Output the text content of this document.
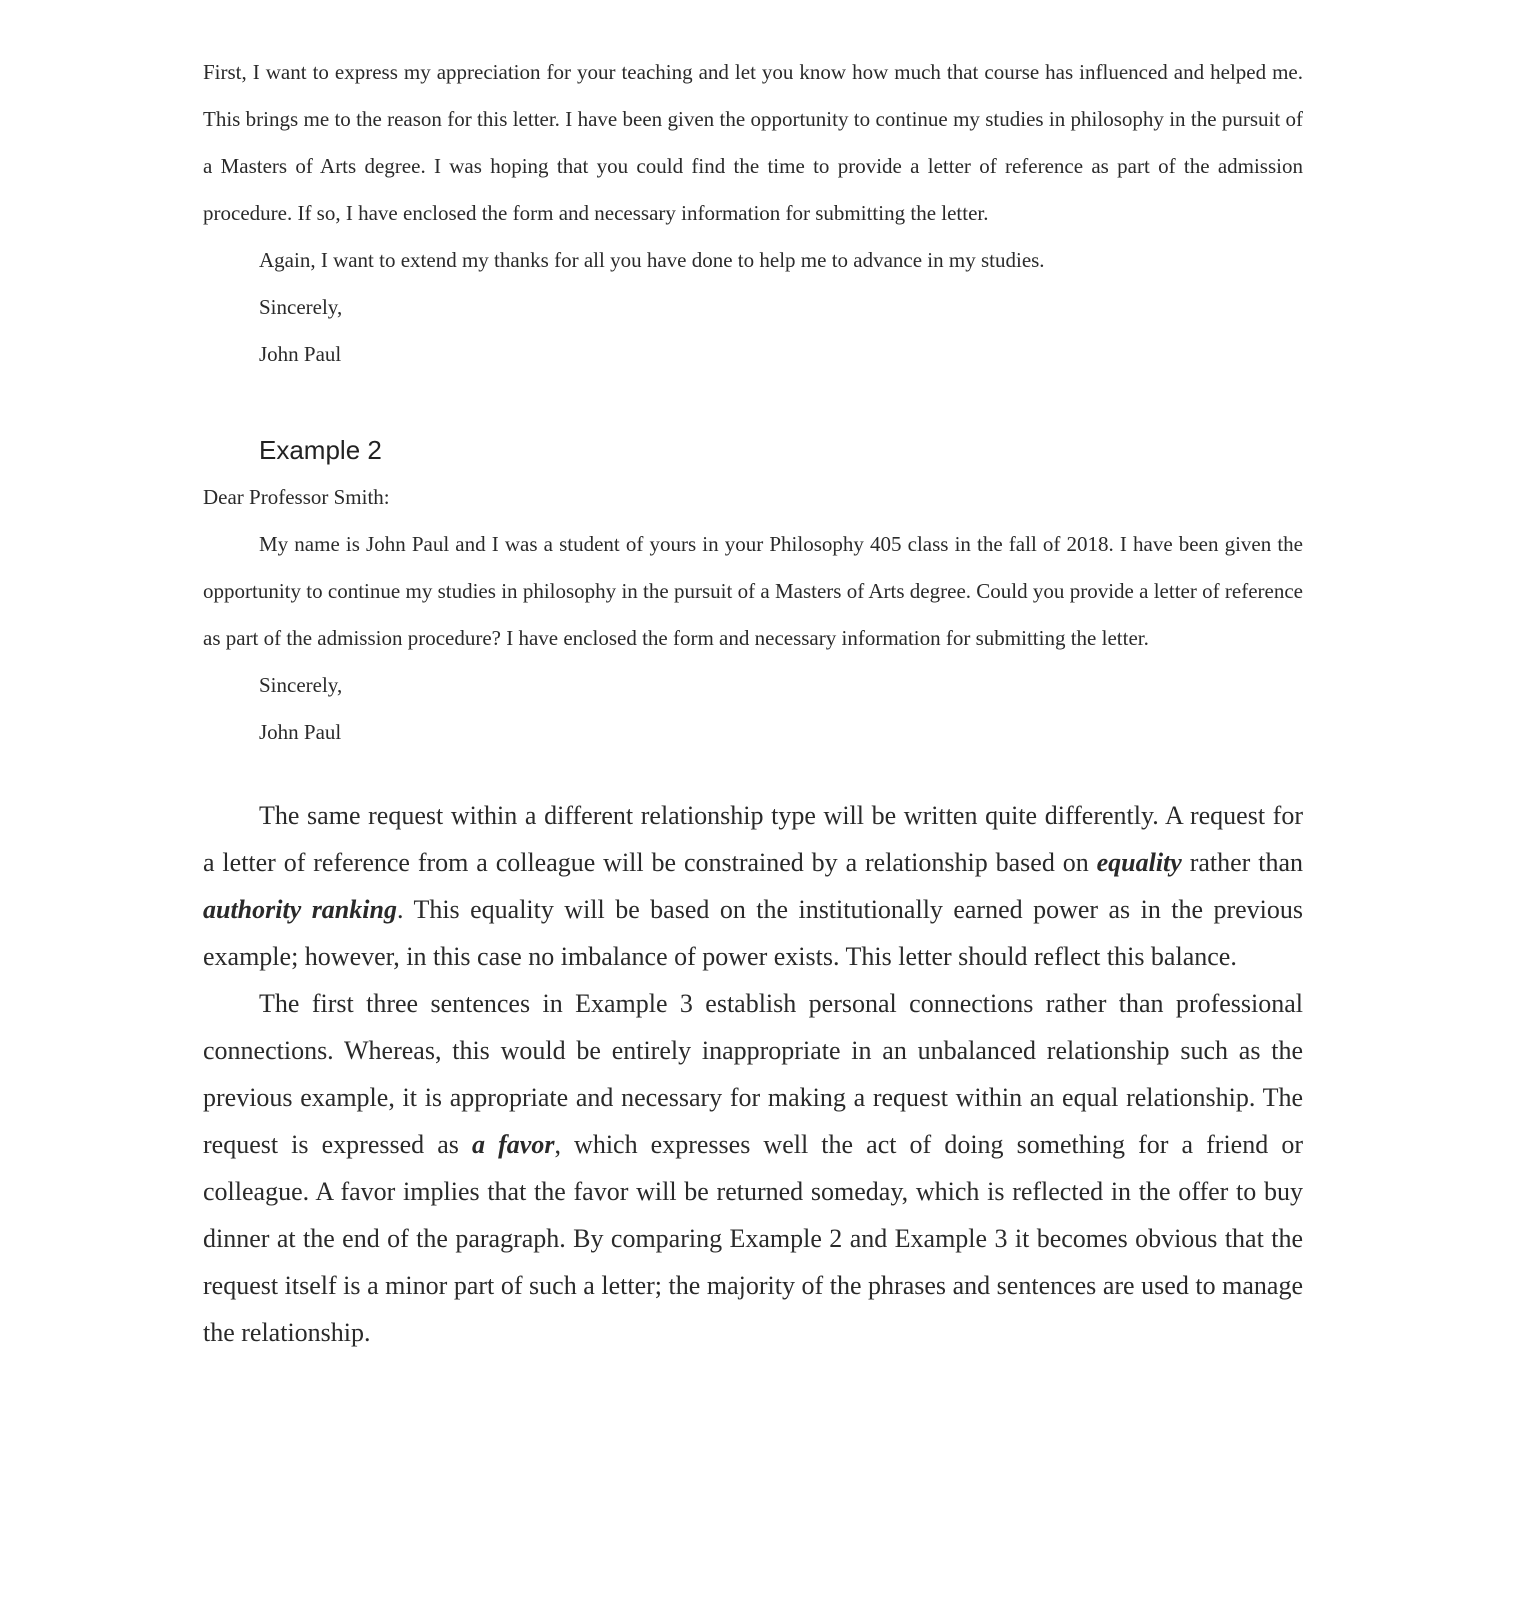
First, I want to express my appreciation for your teaching and let you know how much that course has influenced and helped me. This brings me to the reason for this letter. I have been given the opportunity to continue my studies in philosophy in the pursuit of a Masters of Arts degree. I was hoping that you could find the time to provide a letter of reference as part of the admission procedure. If so, I have enclosed the form and necessary information for submitting the letter.

Again, I want to extend my thanks for all you have done to help me to advance in my studies.

Sincerely,

John Paul

Example 2

Dear Professor Smith:

My name is John Paul and I was a student of yours in your Philosophy 405 class in the fall of 2018. I have been given the opportunity to continue my studies in philosophy in the pursuit of a Masters of Arts degree. Could you provide a letter of reference as part of the admission procedure? I have enclosed the form and necessary information for submitting the letter.

Sincerely,

John Paul

The same request within a different relationship type will be written quite differently. A request for a letter of reference from a colleague will be constrained by a relationship based on equality rather than authority ranking. This equality will be based on the institutionally earned power as in the previous example; however, in this case no imbalance of power exists. This letter should reflect this balance.

The first three sentences in Example 3 establish personal connections rather than professional connections. Whereas, this would be entirely inappropriate in an unbalanced relationship such as the previous example, it is appropriate and necessary for making a request within an equal relationship. The request is expressed as a favor, which expresses well the act of doing something for a friend or colleague. A favor implies that the favor will be returned someday, which is reflected in the offer to buy dinner at the end of the paragraph. By comparing Example 2 and Example 3 it becomes obvious that the request itself is a minor part of such a letter; the majority of the phrases and sentences are used to manage the relationship.
